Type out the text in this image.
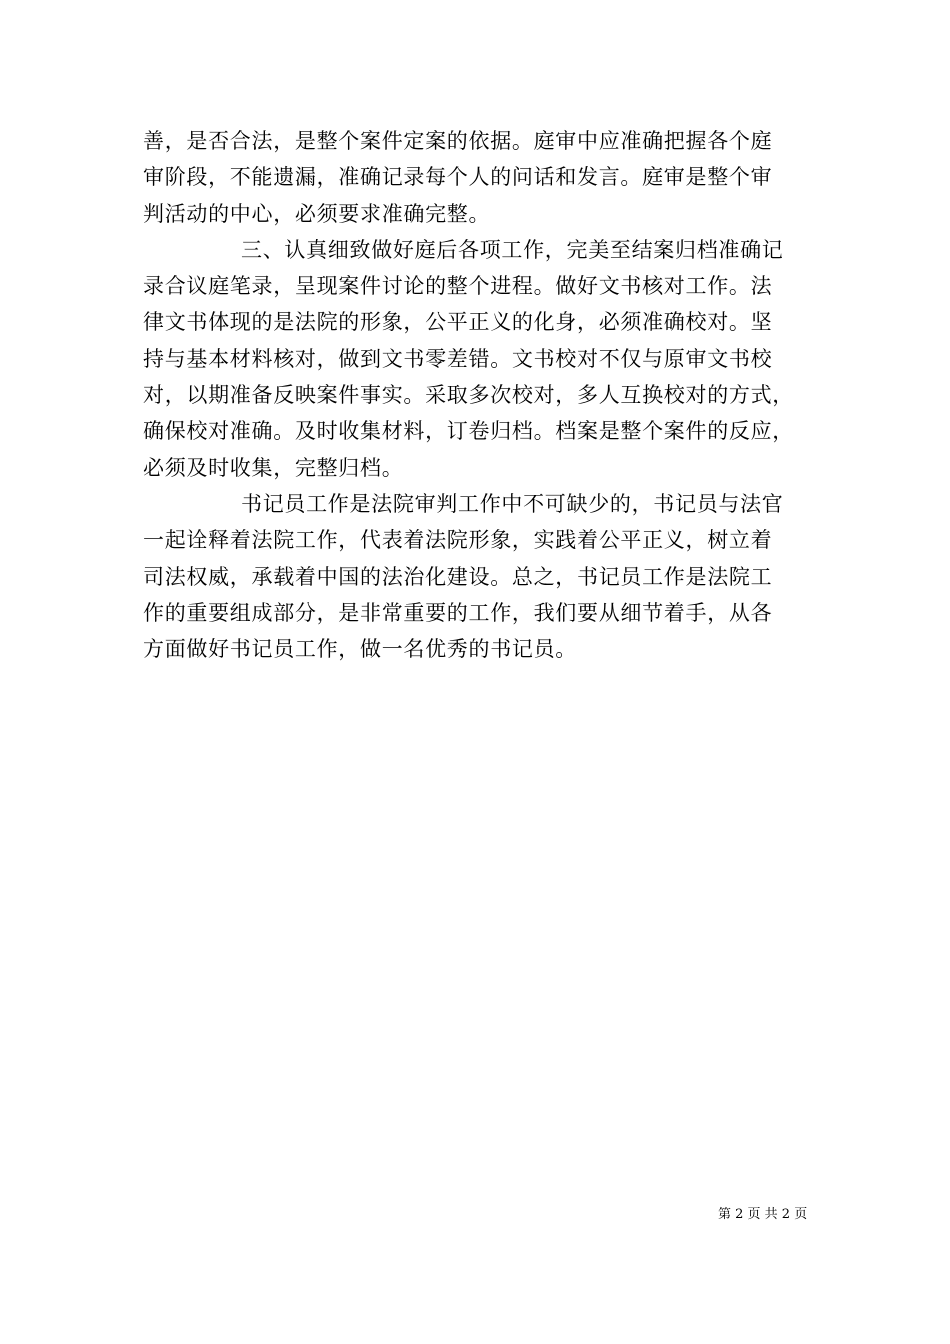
善，是否合法，是整个案件定案的依据。庭审中应准确把握各个庭
审阶段，不能遗漏，准确记录每个人的问话和发言。庭审是整个审
判活动的中心，必须要求准确完整。
三、认真细致做好庭后各项工作，完美至结案归档准确记
录合议庭笔录，呈现案件讨论的整个进程。做好文书核对工作。法
律文书体现的是法院的形象，公平正义的化身，必须准确校对。坚
持与基本材料核对，做到文书零差错。文书校对不仅与原审文书校
对，以期准备反映案件事实。采取多次校对，多人互换校对的方式，
确保校对准确。及时收集材料，订卷归档。档案是整个案件的反应，
必须及时收集，完整归档。
书记员工作是法院审判工作中不可缺少的，书记员与法官
一起诠释着法院工作，代表着法院形象，实践着公平正义，树立着
司法权威，承载着中国的法治化建设。总之，书记员工作是法院工
作的重要组成部分，是非常重要的工作，我们要从细节着手，从各
方面做好书记员工作，做一名优秀的书记员。
第 2 页 共 2 页
